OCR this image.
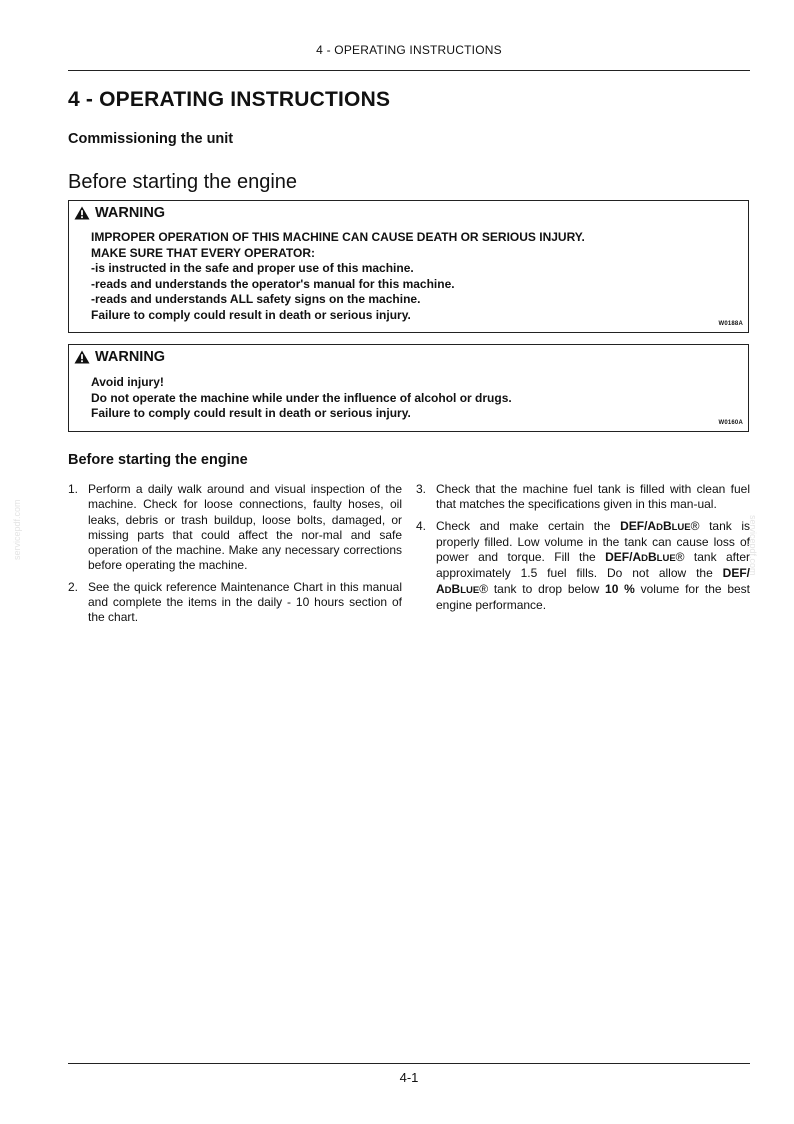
4 - OPERATING INSTRUCTIONS
4 - OPERATING INSTRUCTIONS
Commissioning the unit
Before starting the engine
WARNING
IMPROPER OPERATION OF THIS MACHINE CAN CAUSE DEATH OR SERIOUS INJURY.
MAKE SURE THAT EVERY OPERATOR:
-is instructed in the safe and proper use of this machine.
-reads and understands the operator's manual for this machine.
-reads and understands ALL safety signs on the machine.
Failure to comply could result in death or serious injury.
W0188A
WARNING
Avoid injury!
Do not operate the machine while under the influence of alcohol or drugs.
Failure to comply could result in death or serious injury.
W0160A
Before starting the engine
1. Perform a daily walk around and visual inspection of the machine. Check for loose connections, faulty hoses, oil leaks, debris or trash buildup, loose bolts, damaged, or missing parts that could affect the nor-mal and safe operation of the machine. Make any necessary corrections before operating the machine.
2. See the quick reference Maintenance Chart in this manual and complete the items in the daily - 10 hours section of the chart.
3. Check that the machine fuel tank is filled with clean fuel that matches the specifications given in this man-ual.
4. Check and make certain the DEF/ADBLUE® tank is properly filled. Low volume in the tank can cause loss of power and torque. Fill the DEF/ADBLUE® tank after approximately 1.5 fuel fills. Do not allow the DEF/ ADBLUE® tank to drop below 10 % volume for the best engine performance.
servicepdf.com	servicepdf.com
4-1
